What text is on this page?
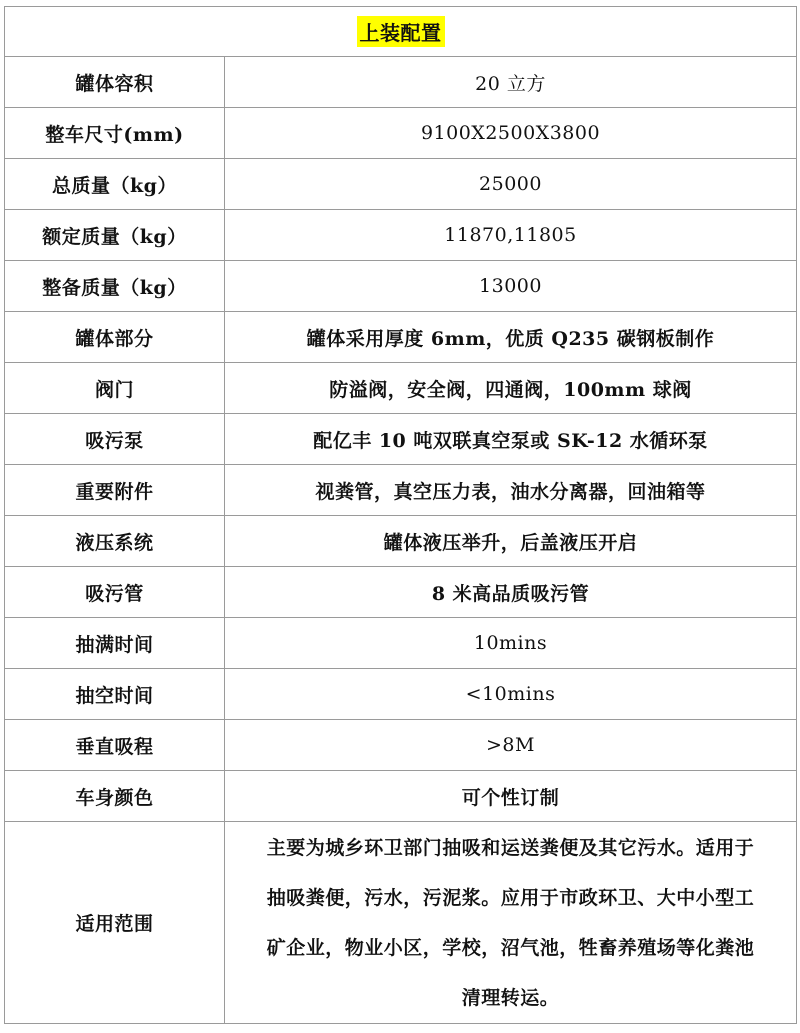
上装配置	
罐体容积	20 立方
整车尺寸(mm)	9100X2500X3800
总质量（kg）	25000
额定质量（kg）	11870,11805
整备质量（kg）	13000
罐体部分	罐体采用厚度 6mm，优质 Q235 碳钢板制作
阀门	防溢阀，安全阀，四通阀，100mm 球阀
吸污泵	配亿丰 10 吨双联真空泵或 SK-12 水循环泵
重要附件	视粪管，真空压力表，油水分离器，回油箱等
液压系统	罐体液压举升，后盖液压开启
吸污管	8 米高品质吸污管
抽满时间	10mins
抽空时间	<10mins
垂直吸程	>8M
车身颜色	可个性订制
适用范围	主要为城乡环卫部门抽吸和运送粪便及其它污水。适用于
抽吸粪便，污水，污泥浆。应用于市政环卫、大中小型工
矿企业，物业小区，学校，沼气池，牲畜养殖场等化粪池
清理转运。
